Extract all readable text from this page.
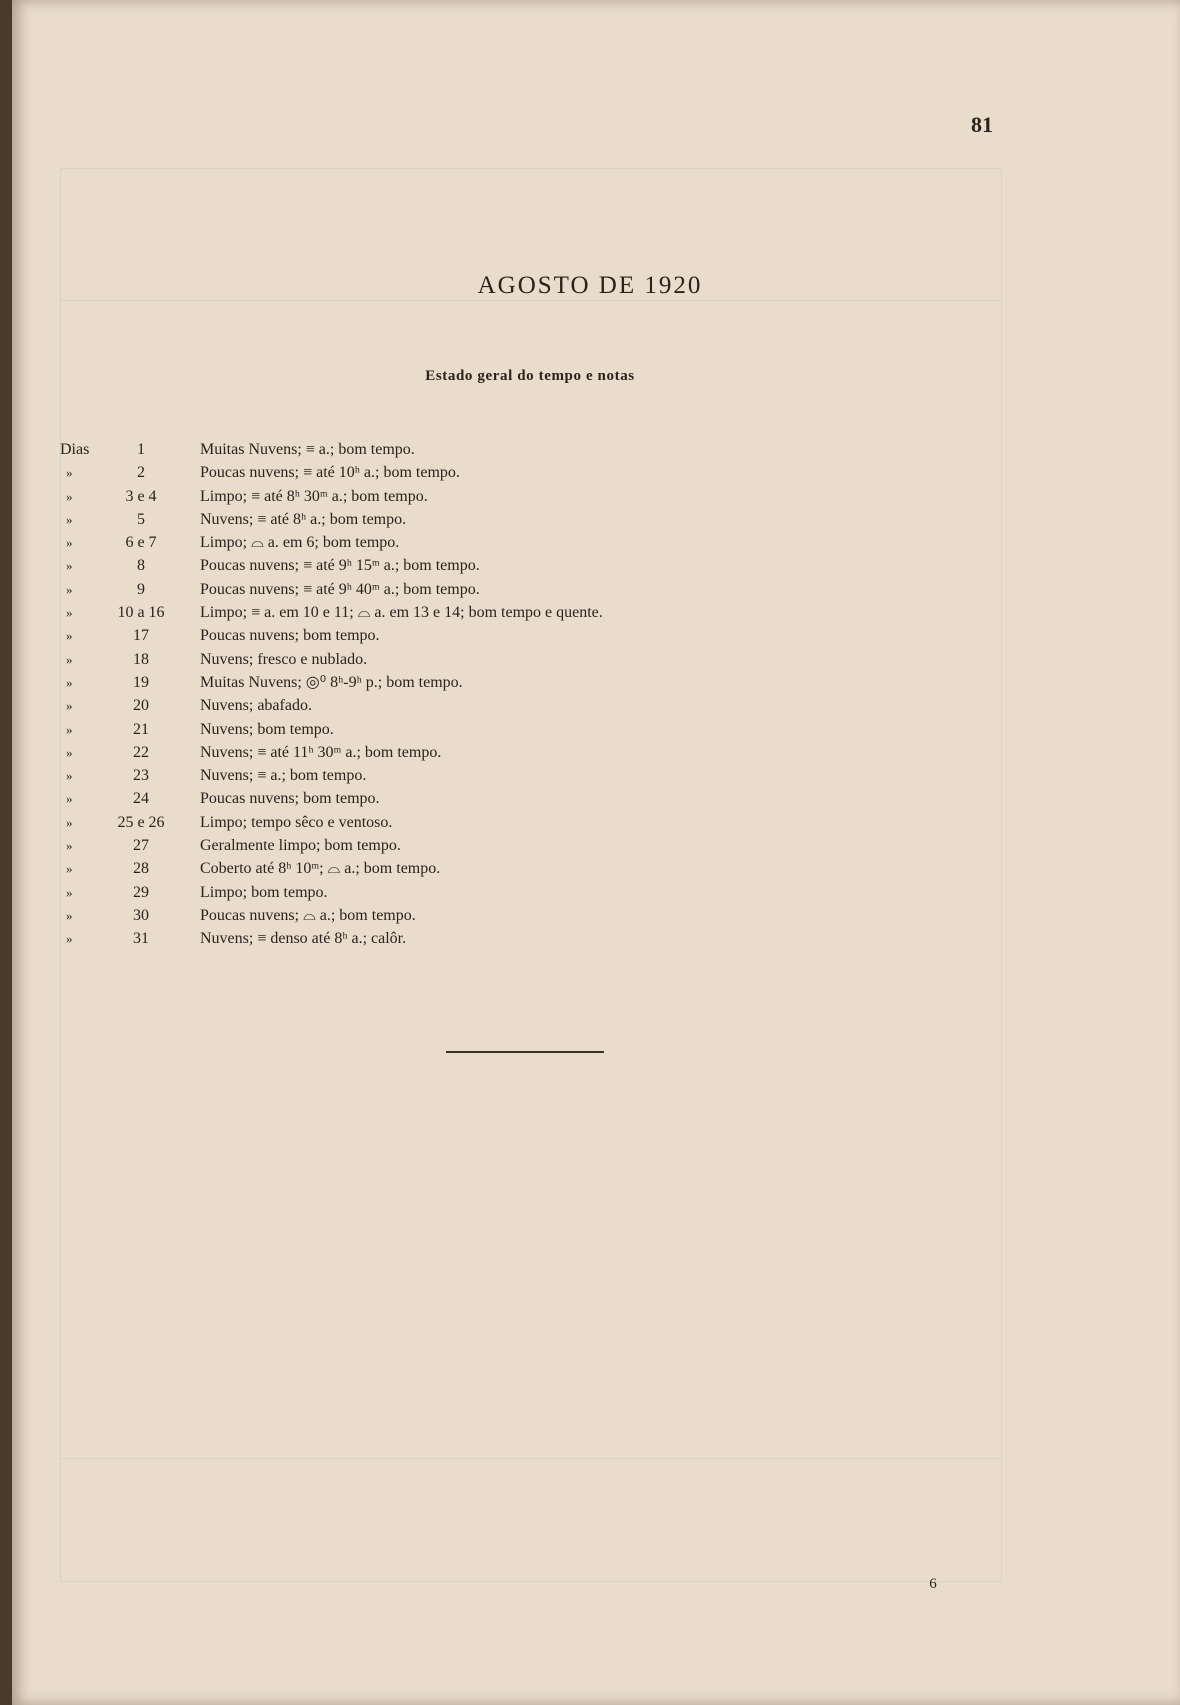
81
AGOSTO DE 1920
Estado geral do tempo e notas
Dias	1	Muitas Nuvens; ≡ a.; bom tempo.
»	2	Poucas nuvens; ≡ até 10ʰ a.; bom tempo.
»	3 e 4	Limpo; ≡ até 8ʰ 30ᵐ a.; bom tempo.
»	5	Nuvens; ≡ até 8ʰ a.; bom tempo.
»	6 e 7	Limpo; ⌓ a. em 6; bom tempo.
»	8	Poucas nuvens; ≡ até 9ʰ 15ᵐ a.; bom tempo.
»	9	Poucas nuvens; ≡ até 9ʰ 40ᵐ a.; bom tempo.
»	10 a 16	Limpo; ≡ a. em 10 e 11; ⌓ a. em 13 e 14; bom tempo e quente.
»	17	Poucas nuvens; bom tempo.
»	18	Nuvens; fresco e nublado.
»	19	Muitas Nuvens; ◎⁰ 8ʰ-9ʰ p.; bom tempo.
»	20	Nuvens; abafado.
»	21	Nuvens; bom tempo.
»	22	Nuvens; ≡ até 11ʰ 30ᵐ a.; bom tempo.
»	23	Nuvens; ≡ a.; bom tempo.
»	24	Poucas nuvens; bom tempo.
»	25 e 26	Limpo; tempo sêco e ventoso.
»	27	Geralmente limpo; bom tempo.
»	28	Coberto até 8ʰ 10ᵐ; ⌓ a.; bom tempo.
»	29	Limpo; bom tempo.
»	30	Poucas nuvens; ⌓ a.; bom tempo.
»	31	Nuvens; ≡ denso até 8ʰ a.; calôr.
6
